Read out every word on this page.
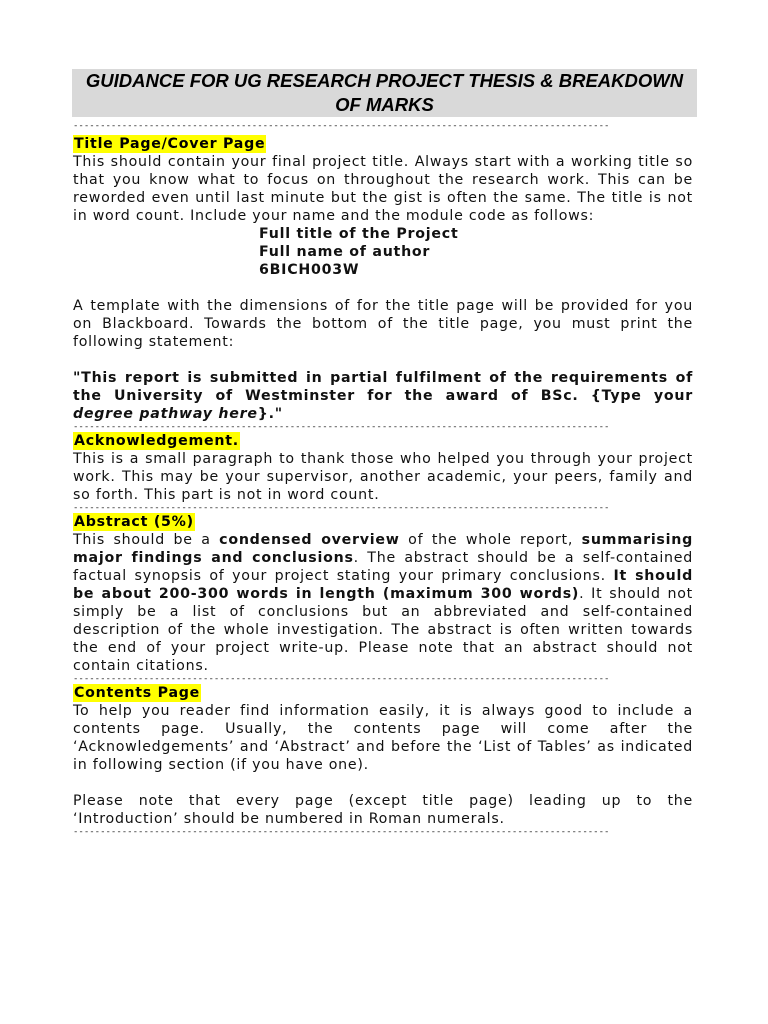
GUIDANCE FOR UG RESEARCH PROJECT THESIS & BREAKDOWN
OF MARKS
---------------------------------------------------------------------------------------------------
Title Page/Cover Page

This should contain your final project title. Always start with a working title so that you know what to focus on throughout the research work. This can be reworded even until last minute but the gist is often the same. The title is not in word count. Include your name and the module code as follows:

Full title of the Project
Full name of author
6BICH003W

A template with the dimensions of for the title page will be provided for you on Blackboard. Towards the bottom of the title page, you must print the following statement:

"This report is submitted in partial fulfilment of the requirements of the University of Westminster for the award of BSc. {Type your degree pathway here}."

---------------------------------------------------------------------------------------------------
Acknowledgement.

This is a small paragraph to thank those who helped you through your project work. This may be your supervisor, another academic, your peers, family and so forth. This part is not in word count.

---------------------------------------------------------------------------------------------------
Abstract (5%)

This should be a condensed overview of the whole report, summarising major findings and conclusions. The abstract should be a self-contained factual synopsis of your project stating your primary conclusions. It should be about 200-300 words in length (maximum 300 words). It should not simply be a list of conclusions but an abbreviated and self-contained description of the whole investigation. The abstract is often written towards the end of your project write-up. Please note that an abstract should not contain citations.

---------------------------------------------------------------------------------------------------
Contents Page

To help you reader find information easily, it is always good to include a contents page. Usually, the contents page will come after the ‘Acknowledgements’ and ‘Abstract’ and before the ‘List of Tables’ as indicated in following section (if you have one).

Please note that every page (except title page) leading up to the ‘Introduction’ should be numbered in Roman numerals.

---------------------------------------------------------------------------------------------------
